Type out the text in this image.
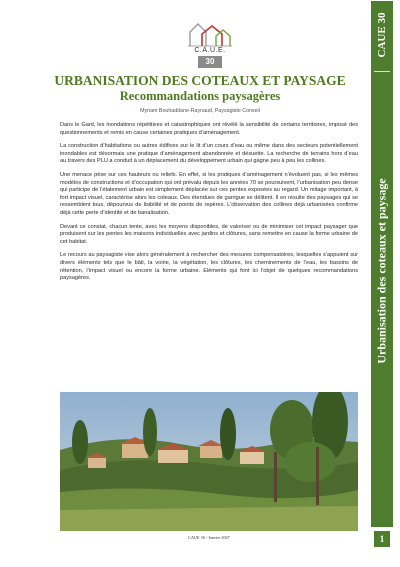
C.A.U.E.
30
URBANISATION DES COTEAUX ET PAYSAGE
Recommandations paysagères
Myriam Bouhaddane-Raynaud, Paysagiste Conseil

Dans le Gard, les inondations répétitives et catastrophiques ont révélé la sensibilité de certains territoires, imposé des questionnements et remis en cause certaines pratiques d’aménagement.

La construction d’habitations ou autres édifices sur le lit d’un cours d’eau ou même dans des secteurs potentiellement inondables est désormais une pratique d’aménagement abandonnée et désuette. La recherche de terrains hors d’eau au travers des PLU a conduit à un déplacement du développement urbain qui gagne peu à peu les collines.

Une menace pèse sur ces hauteurs ou reliefs. En effet, si les pratiques d’aménagement n’évoluent pas, si les mêmes modèles de constructions et d’occupation qui ont prévalu depuis les années 70 se poursuivent, l’urbanisation peu dense qui participe de l’étalement urbain est simplement déplacée sur ces pentes exposées au regard. Un mitage important, à fort impact visuel, caractérise alors les coteaux. Des étendues de garrigue se délitent. Il en résulte des paysages qui se ressemblent tous, dépourvus de lisibilité et de points de repères. L’observation des collines déjà urbanisées confirme déjà cette perte d’identité et de banalisation.

Devant ce constat, chacun tente, avec les moyens disponibles, de valoriser ou de minimiser cet impact paysager que produisent sur les pentes les maisons individuelles avec jardins et clôtures, sans remettre en cause la forme urbaine de cet habitat.

Le recours au paysagiste vise alors généralement à rechercher des mesures compensatoires, lesquelles s’appuient sur divers éléments tels que le bâti, la voirie, la végétation, les clôtures, les cheminements de l’eau, les bassins de rétention, l’impact visuel ou encore la forme urbaine. Eléments qui font ici l’objet de quelques recommandations paysagères.

CAUE 30 - Janvier 2007
CAUE 30
Urbanisation des coteaux et paysage
1
